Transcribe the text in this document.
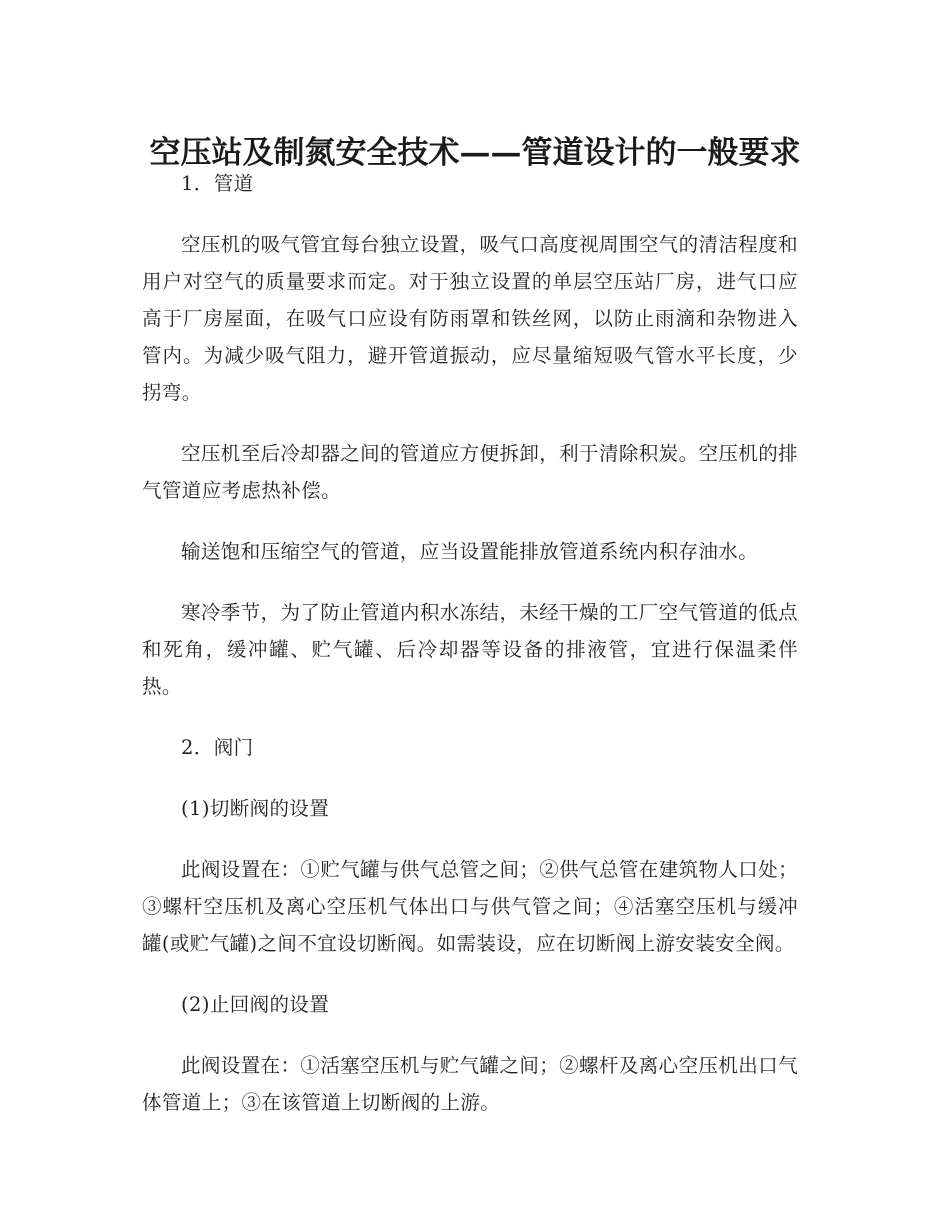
空压站及制氮安全技术——管道设计的一般要求

1．管道

空压机的吸气管宜每台独立设置，吸气口高度视周围空气的清洁程度和用户对空气的质量要求而定。对于独立设置的单层空压站厂房，进气口应高于厂房屋面，在吸气口应设有防雨罩和铁丝网，以防止雨滴和杂物进入管内。为减少吸气阻力，避开管道振动，应尽量缩短吸气管水平长度，少拐弯。

空压机至后冷却器之间的管道应方便拆卸，利于清除积炭。空压机的排气管道应考虑热补偿。

输送饱和压缩空气的管道，应当设置能排放管道系统内积存油水。

寒冷季节，为了防止管道内积水冻结，未经干燥的工厂空气管道的低点和死角，缓冲罐、贮气罐、后冷却器等设备的排液管，宜进行保温柔伴热。

2．阀门

(1)切断阀的设置

此阀设置在：①贮气罐与供气总管之间；②供气总管在建筑物人口处；③螺杆空压机及离心空压机气体出口与供气管之间；④活塞空压机与缓冲罐(或贮气罐)之间不宜设切断阀。如需装设，应在切断阀上游安装安全阀。

(2)止回阀的设置

此阀设置在：①活塞空压机与贮气罐之间；②螺杆及离心空压机出口气体管道上；③在该管道上切断阀的上游。
